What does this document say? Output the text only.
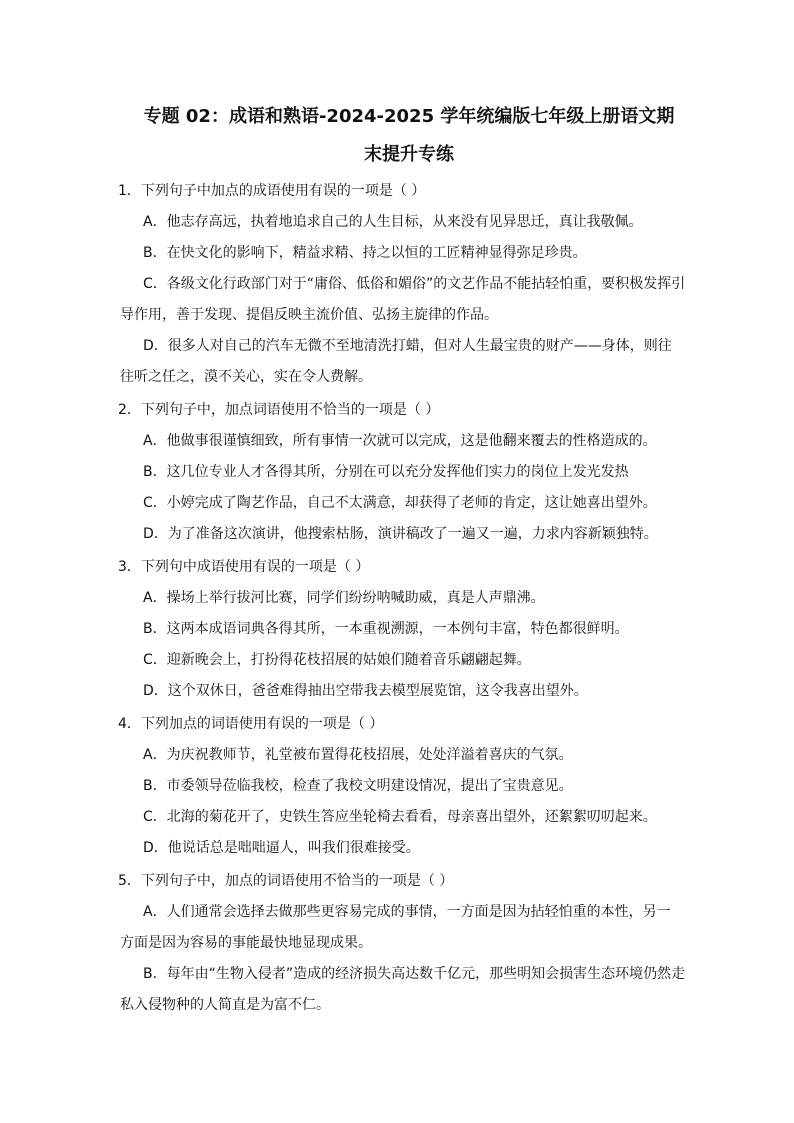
专题 02：成语和熟语-2024-2025 学年统编版七年级上册语文期
末提升专练
1．下列句子中加点的成语使用有误的一项是（ ）
A．他志存高远，执着地追求自己的人生目标，从来没有见异思迁，真让我敬佩。
B．在快文化的影响下，精益求精、持之以恒的工匠精神显得弥足珍贵。
C．各级文化行政部门对于“庸俗、低俗和媚俗”的文艺作品不能拈轻怕重，要积极发挥引
导作用，善于发现、提倡反映主流价值、弘扬主旋律的作品。
D．很多人对自己的汽车无微不至地清洗打蜡，但对人生最宝贵的财产——身体，则往
往听之任之，漠不关心，实在令人费解。
2．下列句子中，加点词语使用不恰当的一项是（ ）
A．他做事很谨慎细致，所有事情一次就可以完成，这是他翻来覆去的性格造成的。
B．这几位专业人才各得其所，分别在可以充分发挥他们实力的岗位上发光发热
C．小婷完成了陶艺作品，自己不太满意，却获得了老师的肯定，这让她喜出望外。
D．为了准备这次演讲，他搜索枯肠，演讲稿改了一遍又一遍，力求内容新颖独特。
3．下列句中成语使用有误的一项是（ ）
A．操场上举行拔河比赛，同学们纷纷呐喊助威，真是人声鼎沸。
B．这两本成语词典各得其所，一本重视溯源，一本例句丰富，特色都很鲜明。
C．迎新晚会上，打扮得花枝招展的姑娘们随着音乐翩翩起舞。
D．这个双休日，爸爸难得抽出空带我去模型展览馆，这令我喜出望外。
4．下列加点的词语使用有误的一项是（ ）
A．为庆祝教师节，礼堂被布置得花枝招展，处处洋溢着喜庆的气氛。
B．市委领导莅临我校，检查了我校文明建设情况，提出了宝贵意见。
C．北海的菊花开了，史铁生答应坐轮椅去看看，母亲喜出望外，还絮絮叨叨起来。
D．他说话总是咄咄逼人，叫我们很难接受。
5．下列句子中，加点的词语使用不恰当的一项是（ ）
A．人们通常会选择去做那些更容易完成的事情，一方面是因为拈轻怕重的本性，另一
方面是因为容易的事能最快地显现成果。
B．每年由“生物入侵者”造成的经济损失高达数千亿元，那些明知会损害生态环境仍然走
私入侵物种的人简直是为富不仁。
